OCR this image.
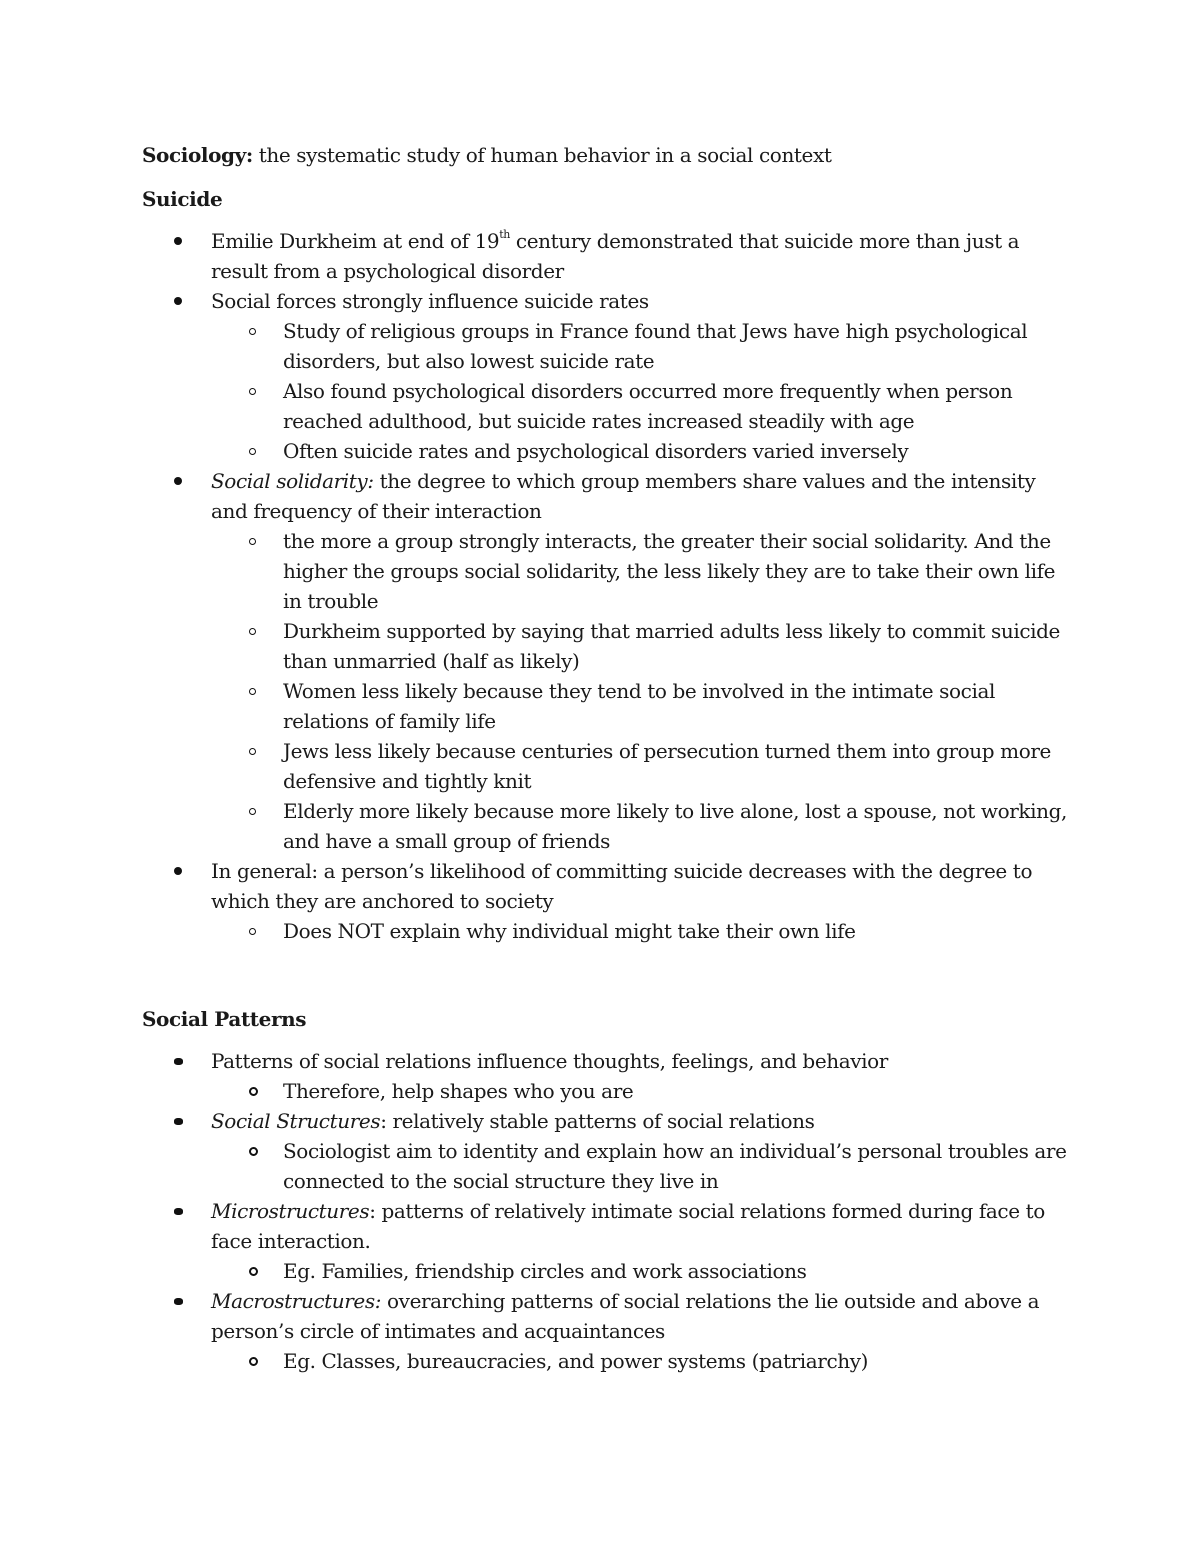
Sociology: the systematic study of human behavior in a social context

Suicide

Emilie Durkheim at end of 19th century demonstrated that suicide more than just a result from a psychological disorder
Social forces strongly influence suicide rates
Study of religious groups in France found that Jews have high psychological disorders, but also lowest suicide rate
Also found psychological disorders occurred more frequently when person reached adulthood, but suicide rates increased steadily with age
Often suicide rates and psychological disorders varied inversely
Social solidarity: the degree to which group members share values and the intensity and frequency of their interaction
the more a group strongly interacts, the greater their social solidarity. And the higher the groups social solidarity, the less likely they are to take their own life in trouble
Durkheim supported by saying that married adults less likely to commit suicide than unmarried (half as likely)
Women less likely because they tend to be involved in the intimate social relations of family life
Jews less likely because centuries of persecution turned them into group more defensive and tightly knit
Elderly more likely because more likely to live alone, lost a spouse, not working, and have a small group of friends
In general: a person’s likelihood of committing suicide decreases with the degree to which they are anchored to society
Does NOT explain why individual might take their own life

Social Patterns

Patterns of social relations influence thoughts, feelings, and behavior
Therefore, help shapes who you are
Social Structures: relatively stable patterns of social relations
Sociologist aim to identity and explain how an individual’s personal troubles are connected to the social structure they live in
Microstructures: patterns of relatively intimate social relations formed during face to face interaction.
Eg. Families, friendship circles and work associations
Macrostructures: overarching patterns of social relations the lie outside and above a person’s circle of intimates and acquaintances
Eg. Classes, bureaucracies, and power systems (patriarchy)
